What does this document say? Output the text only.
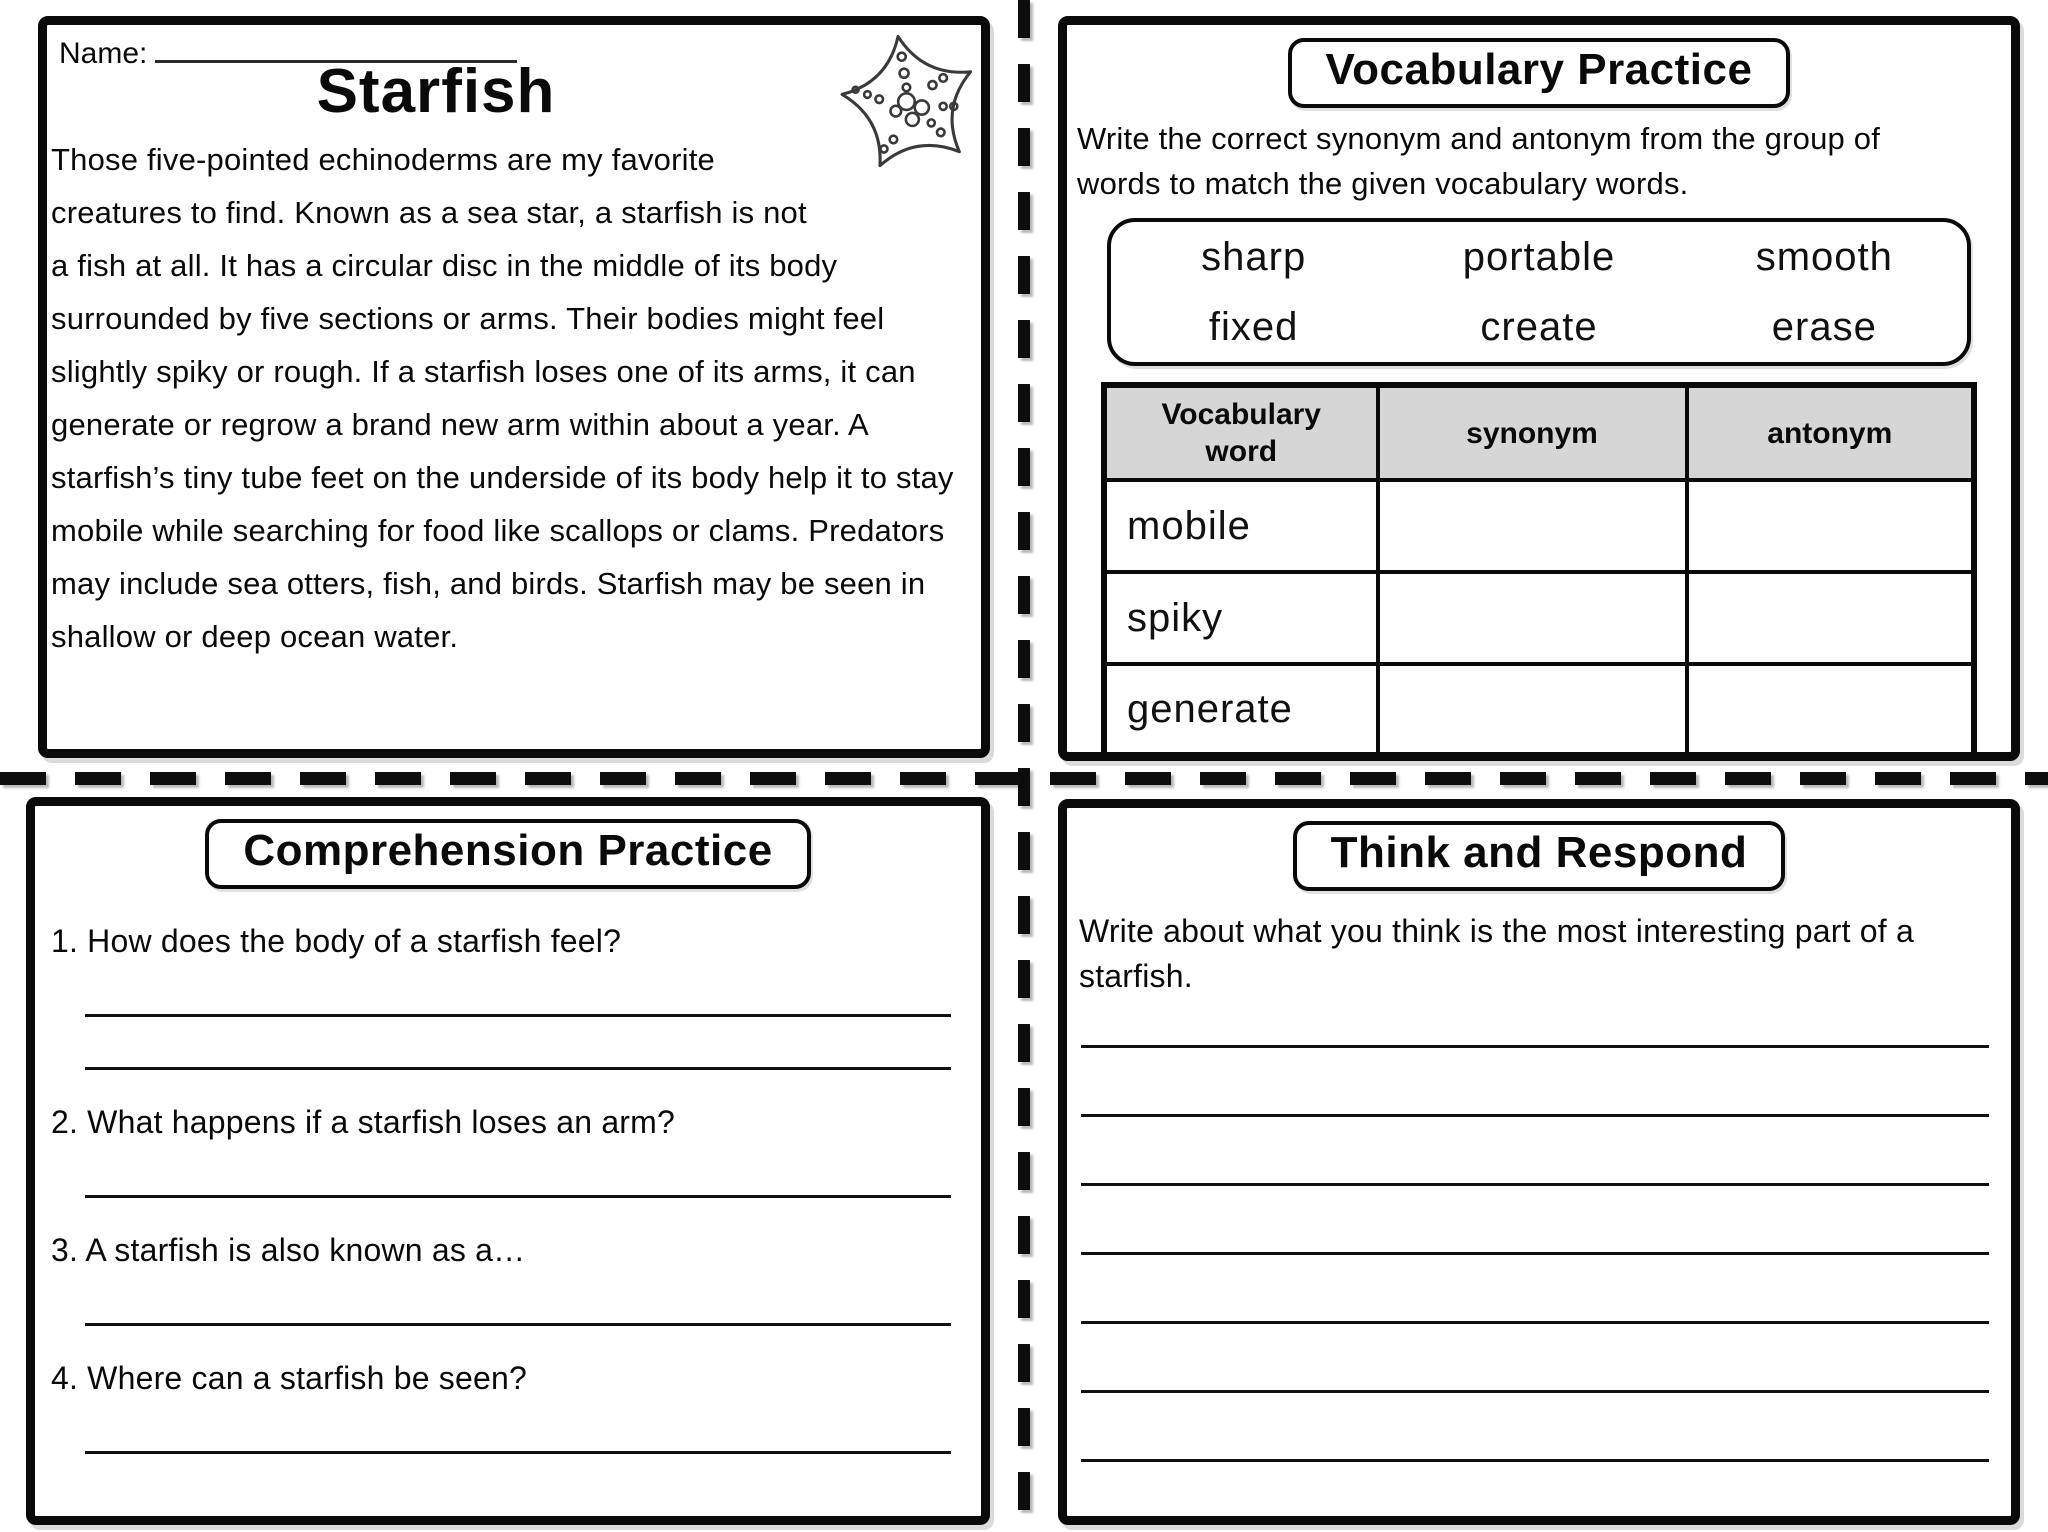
Name:
Starfish

Those five-pointed echinoderms are my favorite creatures to find. Known as a sea star, a starfish is not a fish at all. It has a circular disc in the middle of its body surrounded by five sections or arms. Their bodies might feel slightly spiky or rough. If a starfish loses one of its arms, it can generate or regrow a brand new arm within about a year. A starfish’s tiny tube feet on the underside of its body help it to stay mobile while searching for food like scallops or clams. Predators may include sea otters, fish, and birds. Starfish may be seen in shallow or deep ocean water.

Vocabulary Practice

Write the correct synonym and antonym from the group of words to match the given vocabulary words.

sharp	portable	smooth
fixed	create	erase
Vocabulary word	synonym	antonym
mobile		
spiky		
generate		
Comprehension Practice
1. How does the body of a starfish feel?
2. What happens if a starfish loses an arm?
3. A starfish is also known as a…
4. Where can a starfish be seen?
Think and Respond

Write about what you think is the most interesting part of a starfish.
